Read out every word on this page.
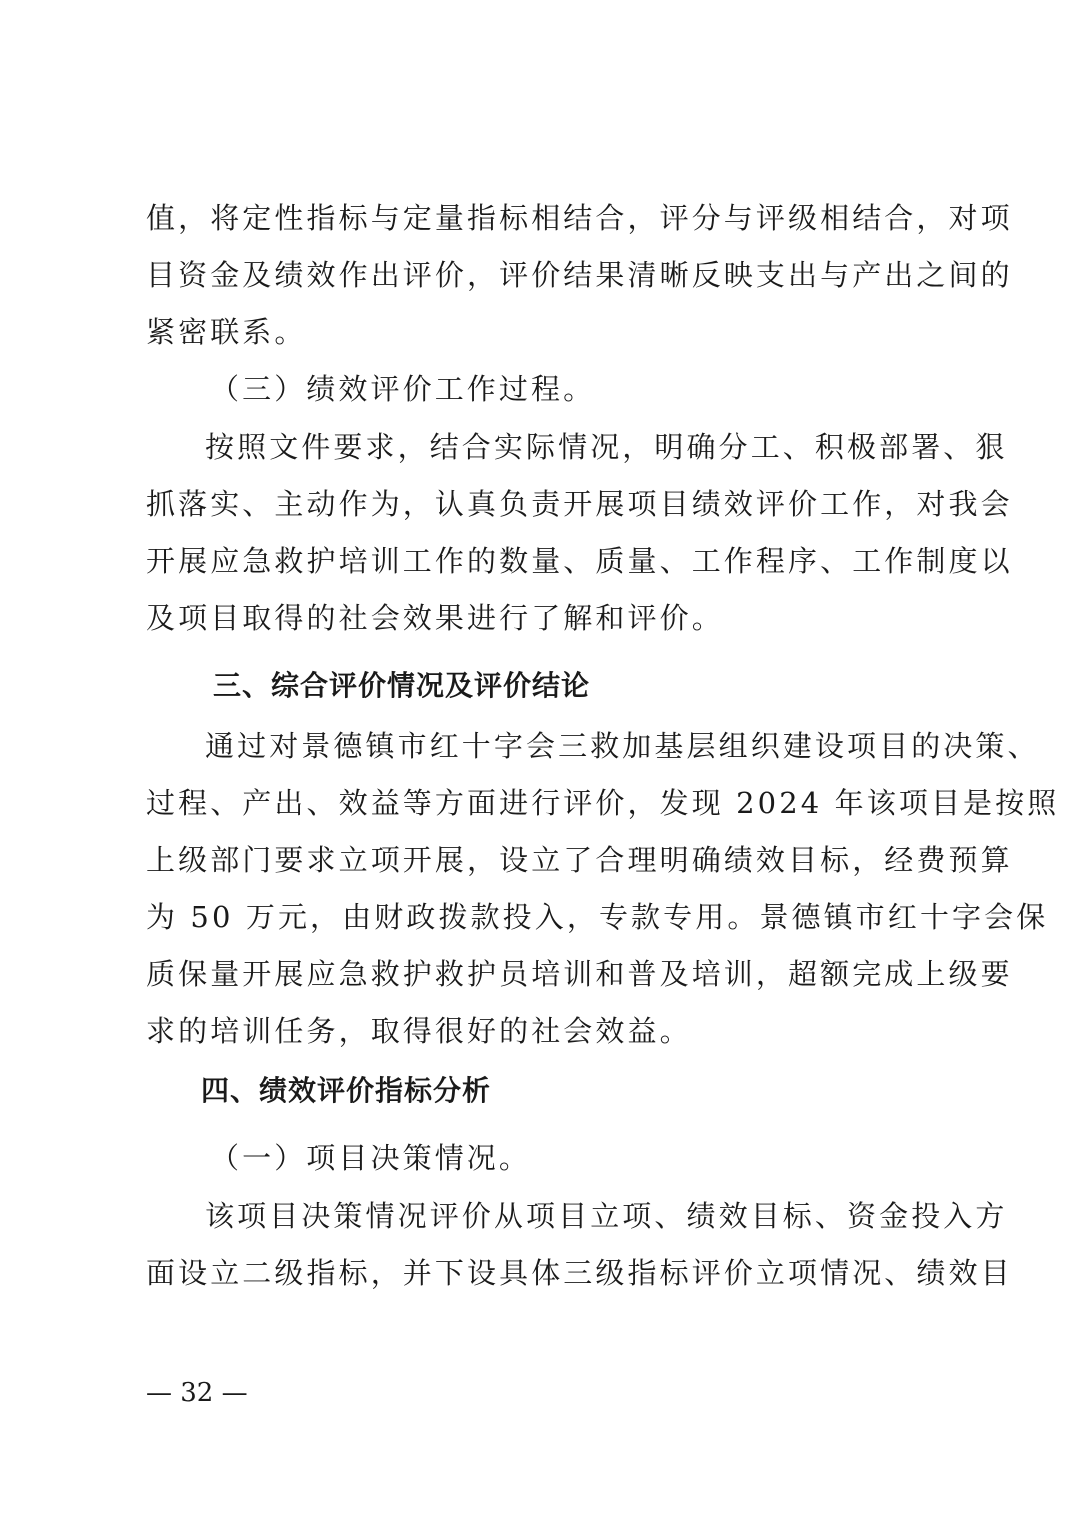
值，将定性指标与定量指标相结合，评分与评级相结合，对项
目资金及绩效作出评价，评价结果清晰反映支出与产出之间的
紧密联系。
（三）绩效评价工作过程。
按照文件要求，结合实际情况，明确分工、积极部署、狠
抓落实、主动作为，认真负责开展项目绩效评价工作，对我会
开展应急救护培训工作的数量、质量、工作程序、工作制度以
及项目取得的社会效果进行了解和评价。
三、综合评价情况及评价结论
通过对景德镇市红十字会三救加基层组织建设项目的决策、
过程、产出、效益等方面进行评价，发现 2024 年该项目是按照
上级部门要求立项开展，设立了合理明确绩效目标，经费预算
为 50 万元，由财政拨款投入，专款专用。景德镇市红十字会保
质保量开展应急救护救护员培训和普及培训，超额完成上级要
求的培训任务，取得很好的社会效益。
四、绩效评价指标分析
（一）项目决策情况。
该项目决策情况评价从项目立项、绩效目标、资金投入方
面设立二级指标，并下设具体三级指标评价立项情况、绩效目
— 32 —
